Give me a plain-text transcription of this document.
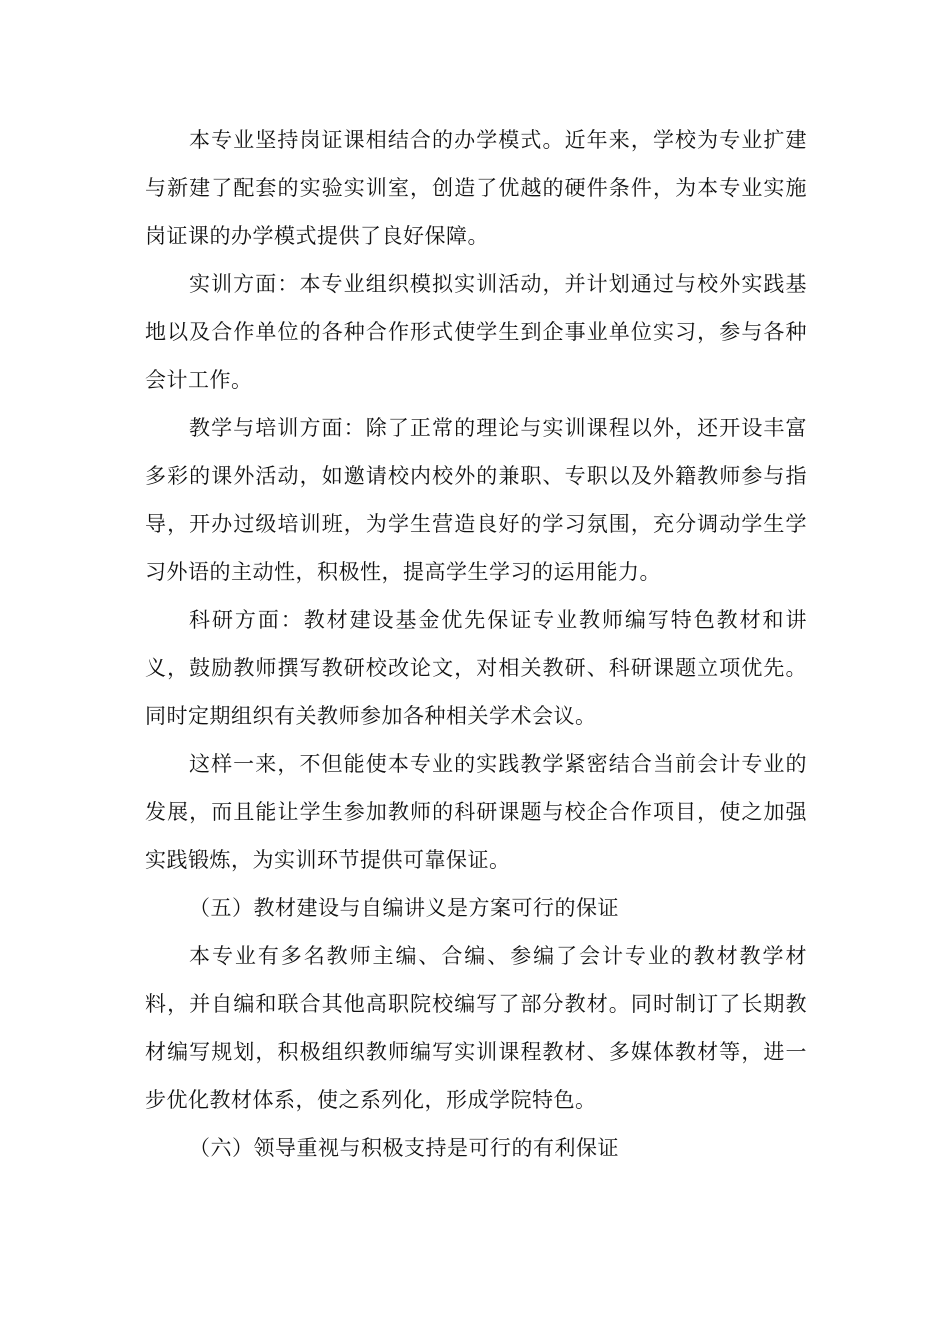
本专业坚持岗证课相结合的办学模式。近年来，学校为专业扩建与新建了配套的实验实训室，创造了优越的硬件条件，为本专业实施岗证课的办学模式提供了良好保障。

实训方面：本专业组织模拟实训活动，并计划通过与校外实践基地以及合作单位的各种合作形式使学生到企事业单位实习，参与各种会计工作。

教学与培训方面：除了正常的理论与实训课程以外，还开设丰富多彩的课外活动，如邀请校内校外的兼职、专职以及外籍教师参与指导，开办过级培训班，为学生营造良好的学习氛围，充分调动学生学习外语的主动性，积极性，提高学生学习的运用能力。

科研方面：教材建设基金优先保证专业教师编写特色教材和讲义，鼓励教师撰写教研校改论文，对相关教研、科研课题立项优先。同时定期组织有关教师参加各种相关学术会议。

这样一来，不但能使本专业的实践教学紧密结合当前会计专业的发展，而且能让学生参加教师的科研课题与校企合作项目，使之加强实践锻炼，为实训环节提供可靠保证。

（五）教材建设与自编讲义是方案可行的保证

本专业有多名教师主编、合编、参编了会计专业的教材教学材料，并自编和联合其他高职院校编写了部分教材。同时制订了长期教材编写规划，积极组织教师编写实训课程教材、多媒体教材等，进一步优化教材体系，使之系列化，形成学院特色。

（六）领导重视与积极支持是可行的有利保证
